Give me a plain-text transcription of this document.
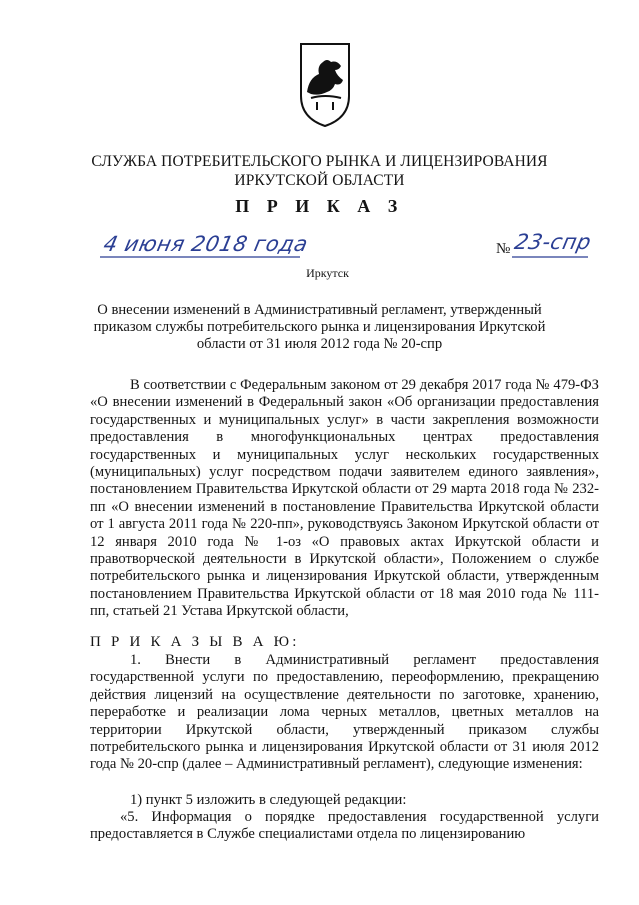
СЛУЖБА ПОТРЕБИТЕЛЬСКОГО РЫНКА И ЛИЦЕНЗИРОВАНИЯ
ИРКУТСКОЙ ОБЛАСТИ
П Р И К А З
4 июня 2018 года	№ 23-спр
Иркутск
О внесении изменений в Административный регламент, утвержденный
приказом службы потребительского рынка и лицензирования Иркутской
области от 31 июля 2012 года № 20-спр

В соответствии с Федеральным законом от 29 декабря 2017 года № 479-ФЗ «О внесении изменений в Федеральный закон «Об организации предоставления государственных и муниципальных услуг» в части закрепления возможности предоставления в многофункциональных центрах предоставления государственных и муниципальных услуг нескольких государственных (муниципальных) услуг посредством подачи заявителем единого заявления», постановлением Правительства Иркутской области от 29 марта 2018 года № 232-пп «О внесении изменений в постановление Правительства Иркутской области от 1 августа 2011 года № 220-пп», руководствуясь Законом Иркутской области от 12 января 2010 года № 1-оз «О правовых актах Иркутской области и правотворческой деятельности в Иркутской области», Положением о службе потребительского рынка и лицензирования Иркутской области, утвержденным постановлением Правительства Иркутской области от 18 мая 2010 года № 111-пп, статьей 21 Устава Иркутской области,

П Р И К А З Ы В А Ю:

1. Внести в Административный регламент предоставления государственной услуги по предоставлению, переоформлению, прекращению действия лицензий на осуществление деятельности по заготовке, хранению, переработке и реализации лома черных металлов, цветных металлов на территории Иркутской области, утвержденный приказом службы потребительского рынка и лицензирования Иркутской области от 31 июля 2012 года № 20-спр (далее – Административный регламент), следующие изменения:

1) пункт 5 изложить в следующей редакции:

«5. Информация о порядке предоставления государственной услуги предоставляется в Службе специалистами отдела по лицензированию
